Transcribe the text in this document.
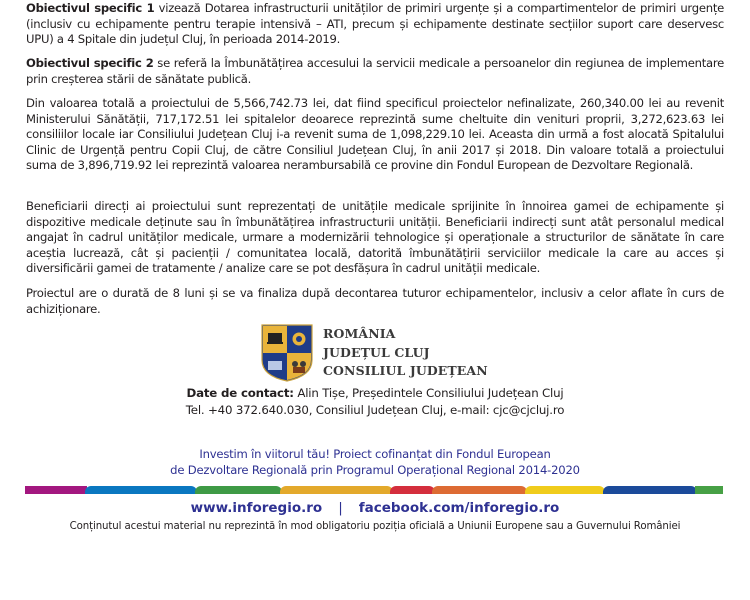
Obiectivul specific 1 vizează Dotarea infrastructurii unităților de primiri urgențe și a compartimentelor de primiri urgențe (inclusiv cu echipamente pentru terapie intensivă – ATI, precum și echipamente destinate secțiilor suport care deservesc UPU) a 4 Spitale din județul Cluj, în perioada 2014-2019.

Obiectivul specific 2 se referă la Îmbunătățirea accesului la servicii medicale a persoanelor din regiunea de implementare prin creșterea stării de sănătate publică.

Din valoarea totală a proiectului de 5,566,742.73 lei, dat fiind specificul proiectelor nefinalizate, 260,340.00 lei au revenit Ministerului Sănătății, 717,172.51 lei spitalelor deoarece reprezintă sume cheltuite din venituri proprii, 3,272,623.63 lei consiliilor locale iar Consiliului Județean Cluj i-a revenit suma de 1,098,229.10 lei. Aceasta din urmă a fost alocată Spitalului Clinic de Urgență pentru Copii Cluj, de către Consiliul Județean Cluj, în anii 2017 și 2018. Din valoare totală a proiectului suma de 3,896,719.92 lei reprezintă valoarea nerambursabilă ce provine din Fondul European de Dezvoltare Regională.

Beneficiarii direcți ai proiectului sunt reprezentați de unitățile medicale sprijinite în înnoirea gamei de echipamente și dispozitive medicale deținute sau în îmbunătățirea infrastructurii unității. Beneficiarii indirecți sunt atât personalul medical angajat în cadrul unităților medicale, urmare a modernizării tehnologice și operaționale a structurilor de sănătate în care aceștia lucrează, cât și pacienții / comunitatea locală, datorită îmbunătățirii serviciilor medicale la care au acces și diversificării gamei de tratamente / analize care se pot desfășura în cadrul unității medicale.

Proiectul are o durată de 8 luni și se va finaliza după decontarea tuturor echipamentelor, inclusiv a celor aflate în curs de achiziționare.

ROMÂNIA
JUDEȚUL CLUJ
CONSILIUL JUDEȚEAN
Date de contact: Alin Tișe, Președintele Consiliului Județean Cluj
Tel. +40 372.640.030, Consiliul Județean Cluj, e-mail: cjc@cjcluj.ro
Investim în viitorul tău! Proiect cofinanțat din Fondul European
de Dezvoltare Regională prin Programul Operațional Regional 2014-2020
www.inforegio.ro | facebook.com/inforegio.ro
Conținutul acestui material nu reprezintă în mod obligatoriu poziția oficială a Uniunii Europene sau a Guvernului României
